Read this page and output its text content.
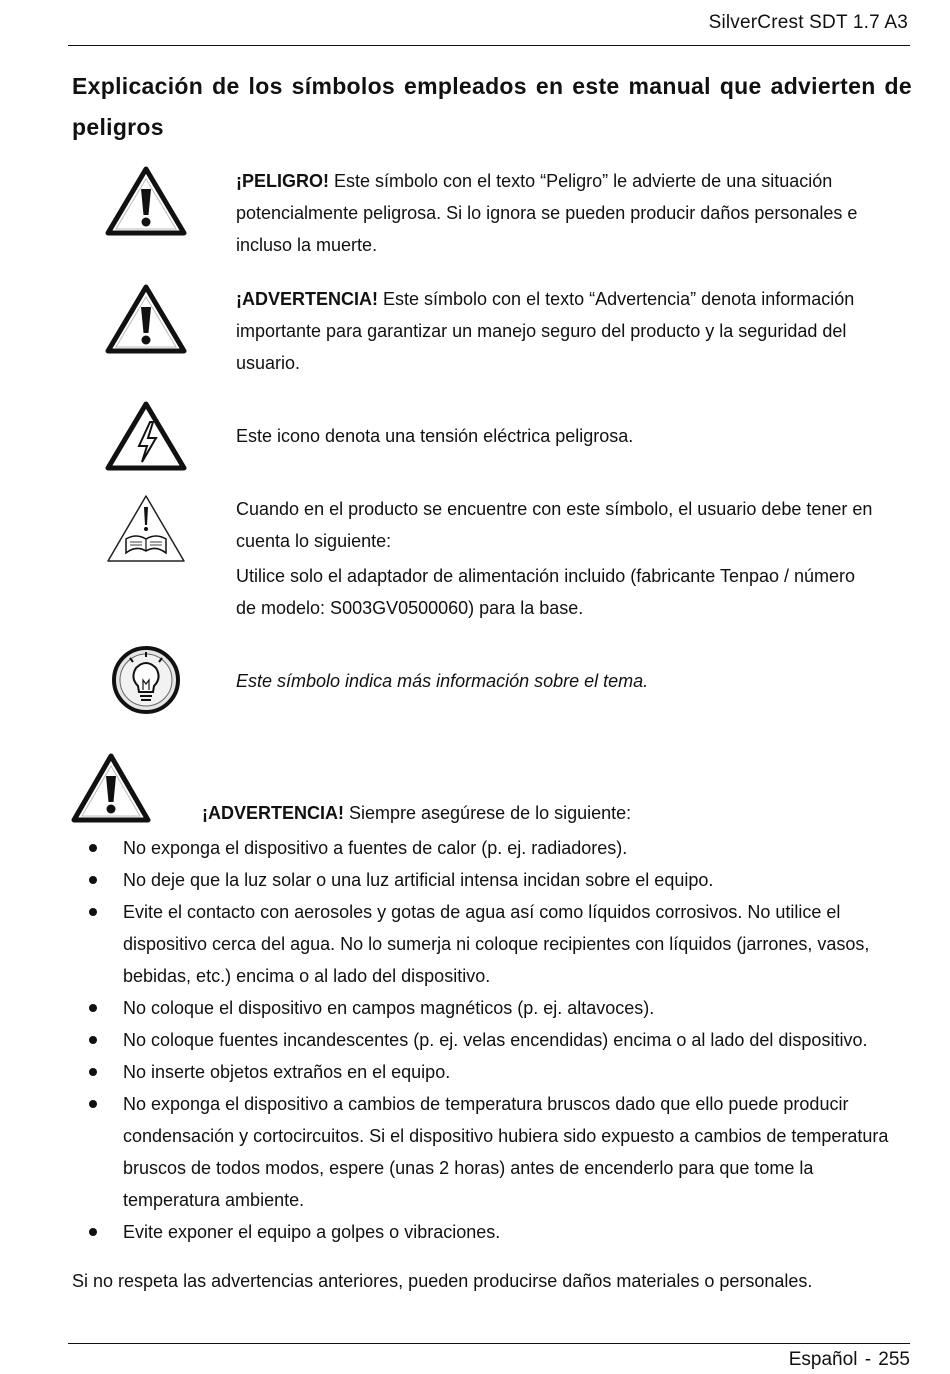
SilverCrest SDT 1.7 A3
Explicación de los símbolos empleados en este manual que advierten de peligros
¡PELIGRO! Este símbolo con el texto “Peligro” le advierte de una situación potencialmente peligrosa. Si lo ignora se pueden producir daños personales e incluso la muerte.
¡ADVERTENCIA! Este símbolo con el texto “Advertencia” denota información importante para garantizar un manejo seguro del producto y la seguridad del usuario.
Este icono denota una tensión eléctrica peligrosa.
Cuando en el producto se encuentre con este símbolo, el usuario debe tener en cuenta lo siguiente:
Utilice solo el adaptador de alimentación incluido (fabricante Tenpao / número de modelo: S003GV0500060) para la base.
Este símbolo indica más información sobre el tema.
¡ADVERTENCIA! Siempre asegúrese de lo siguiente:
No exponga el dispositivo a fuentes de calor (p. ej. radiadores).
No deje que la luz solar o una luz artificial intensa incidan sobre el equipo.
Evite el contacto con aerosoles y gotas de agua así como líquidos corrosivos. No utilice el dispositivo cerca del agua. No lo sumerja ni coloque recipientes con líquidos (jarrones, vasos, bebidas, etc.) encima o al lado del dispositivo.
No coloque el dispositivo en campos magnéticos (p. ej. altavoces).
No coloque fuentes incandescentes (p. ej. velas encendidas) encima o al lado del dispositivo.
No inserte objetos extraños en el equipo.
No exponga el dispositivo a cambios de temperatura bruscos dado que ello puede producir condensación y cortocircuitos. Si el dispositivo hubiera sido expuesto a cambios de temperatura bruscos de todos modos, espere (unas 2 horas) antes de encenderlo para que tome la temperatura ambiente.
Evite exponer el equipo a golpes o vibraciones.
Si no respeta las advertencias anteriores, pueden producirse daños materiales o personales.
Español - 255
